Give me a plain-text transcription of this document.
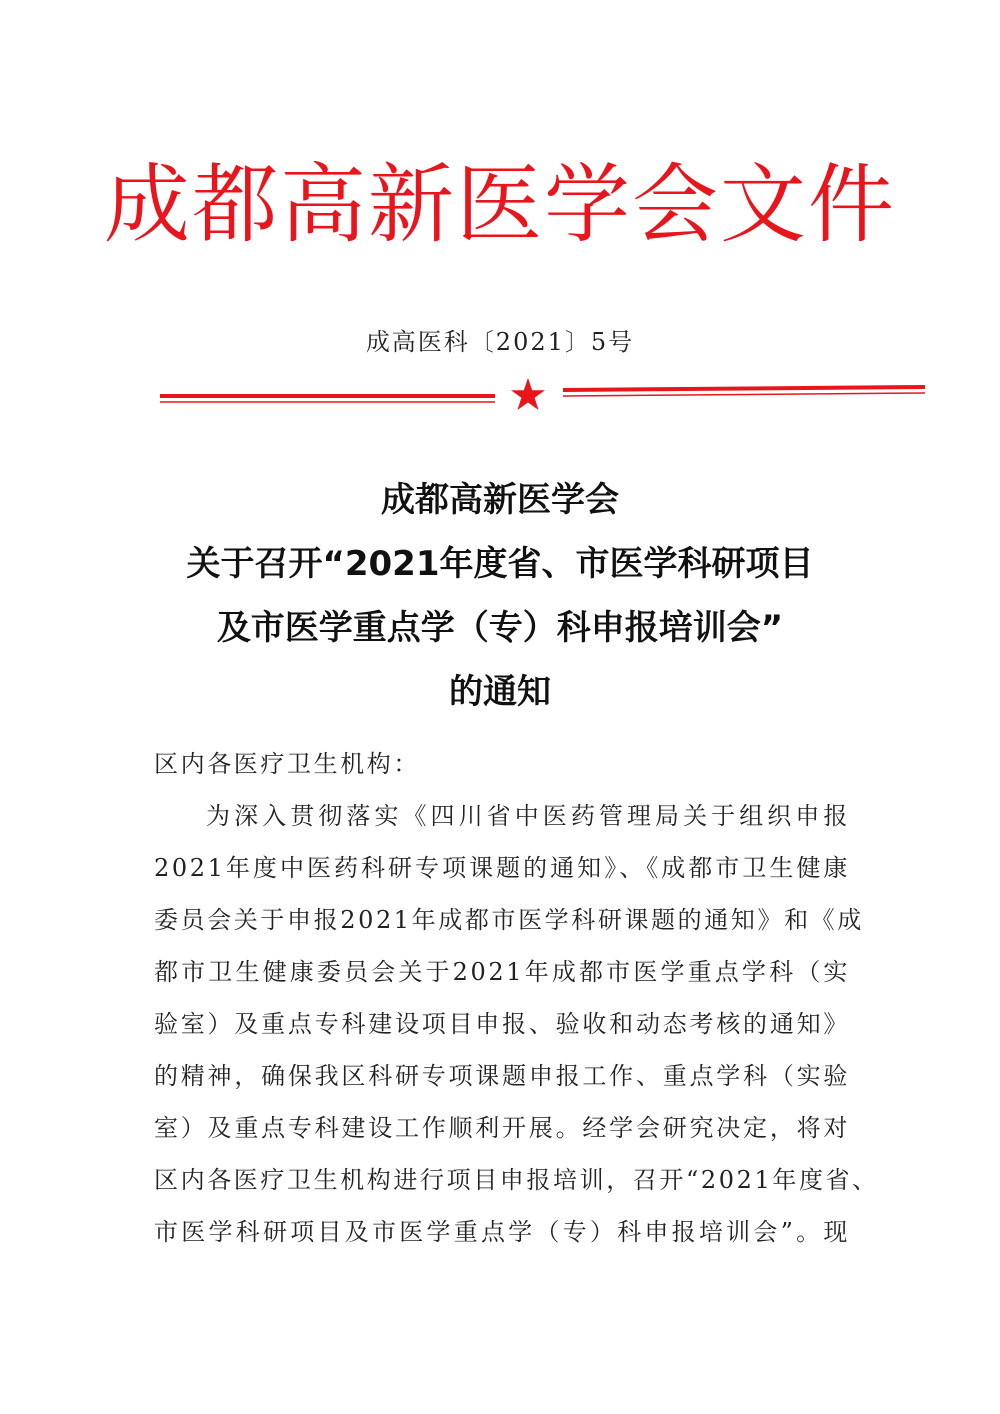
成都高新医学会文件
成高医科〔2021〕5号
成都高新医学会
关于召开“2021年度省、市医学科研项目
及市医学重点学（专）科申报培训会”
的通知
区内各医疗卫生机构：
为深入贯彻落实《四川省中医药管理局关于组织申报
2021年度中医药科研专项课题的通知》、《成都市卫生健康
委员会关于申报2021年成都市医学科研课题的通知》和《成
都市卫生健康委员会关于2021年成都市医学重点学科（实
验室）及重点专科建设项目申报、验收和动态考核的通知》
的精神，确保我区科研专项课题申报工作、重点学科（实验
室）及重点专科建设工作顺利开展。经学会研究决定，将对
区内各医疗卫生机构进行项目申报培训，召开“2021年度省、
市医学科研项目及市医学重点学（专）科申报培训会”。现
